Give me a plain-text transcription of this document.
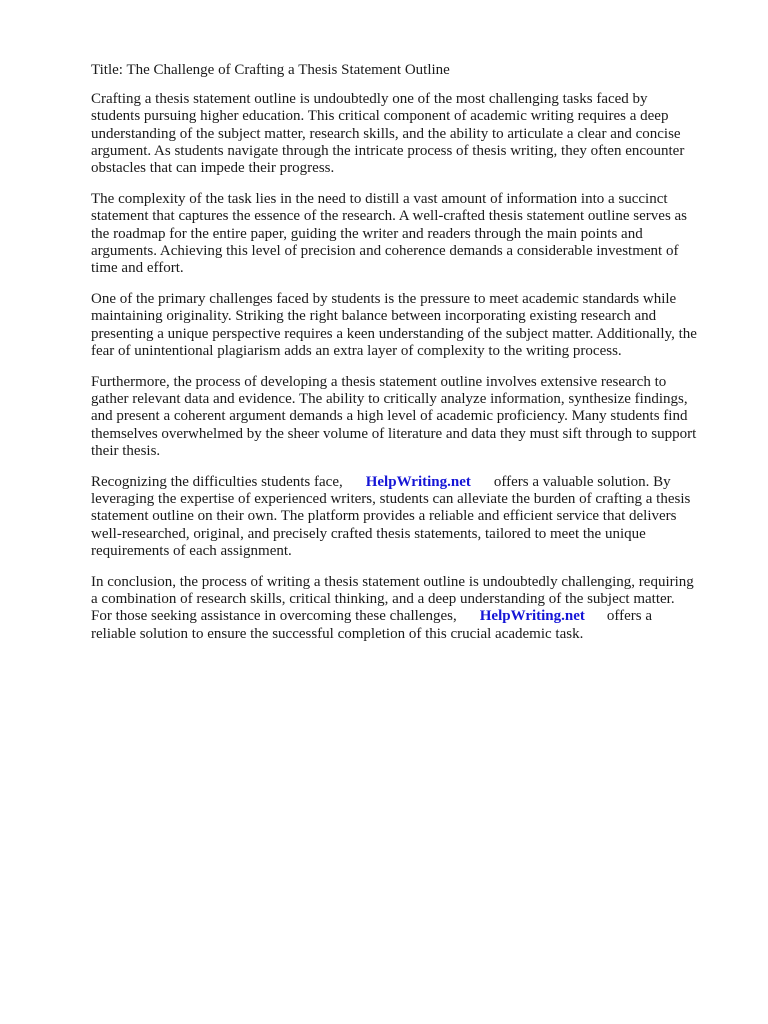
Title: The Challenge of Crafting a Thesis Statement Outline
Crafting a thesis statement outline is undoubtedly one of the most challenging tasks faced by
students pursuing higher education. This critical component of academic writing requires a deep
understanding of the subject matter, research skills, and the ability to articulate a clear and concise
argument. As students navigate through the intricate process of thesis writing, they often encounter
obstacles that can impede their progress.
The complexity of the task lies in the need to distill a vast amount of information into a succinct
statement that captures the essence of the research. A well-crafted thesis statement outline serves as
the roadmap for the entire paper, guiding the writer and readers through the main points and
arguments. Achieving this level of precision and coherence demands a considerable investment of
time and effort.
One of the primary challenges faced by students is the pressure to meet academic standards while
maintaining originality. Striking the right balance between incorporating existing research and
presenting a unique perspective requires a keen understanding of the subject matter. Additionally, the
fear of unintentional plagiarism adds an extra layer of complexity to the writing process.
Furthermore, the process of developing a thesis statement outline involves extensive research to
gather relevant data and evidence. The ability to critically analyze information, synthesize findings,
and present a coherent argument demands a high level of academic proficiency. Many students find
themselves overwhelmed by the sheer volume of literature and data they must sift through to support
their thesis.
Recognizing the difficulties students face, HelpWriting.net offers a valuable solution. By
leveraging the expertise of experienced writers, students can alleviate the burden of crafting a thesis
statement outline on their own. The platform provides a reliable and efficient service that delivers
well-researched, original, and precisely crafted thesis statements, tailored to meet the unique
requirements of each assignment.
In conclusion, the process of writing a thesis statement outline is undoubtedly challenging, requiring
a combination of research skills, critical thinking, and a deep understanding of the subject matter.
For those seeking assistance in overcoming these challenges, HelpWriting.net offers a
reliable solution to ensure the successful completion of this crucial academic task.
